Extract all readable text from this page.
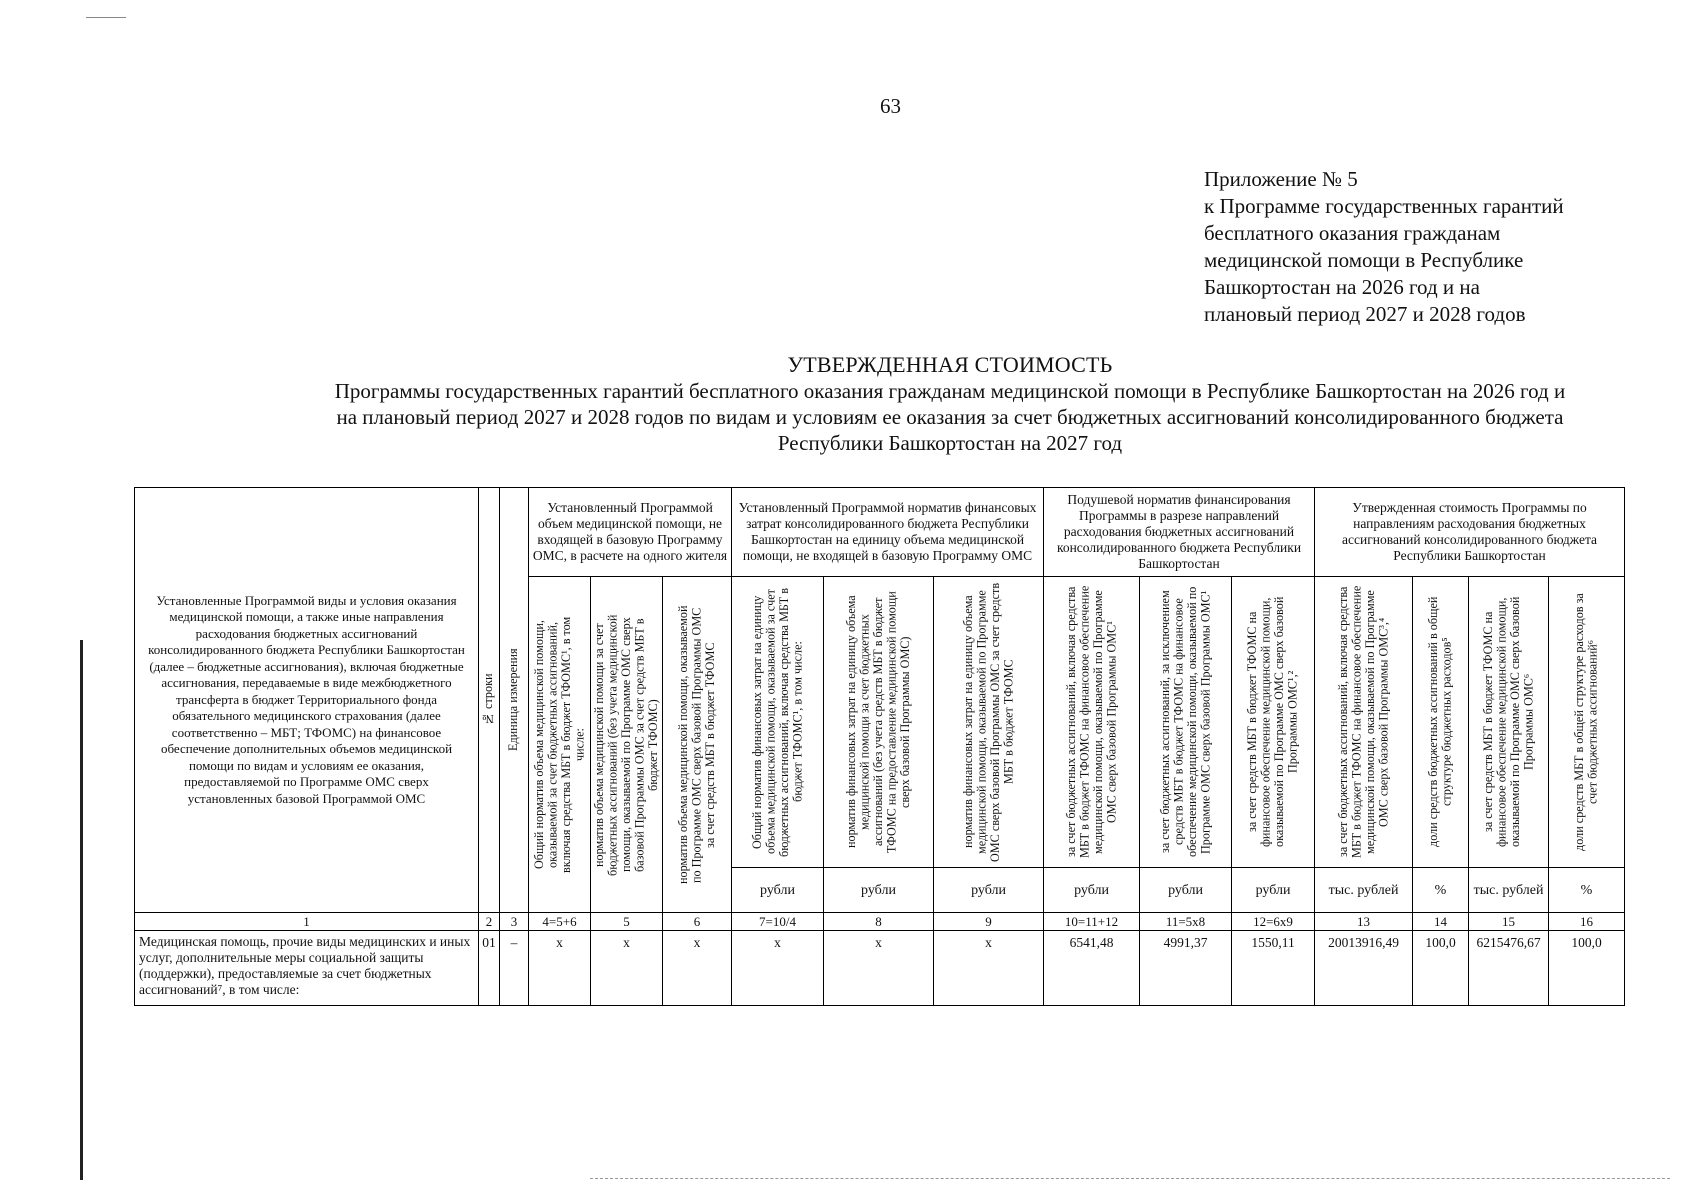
63
Приложение № 5
к Программе государственных гарантий
бесплатного оказания гражданам
медицинской помощи в Республике
Башкортостан на 2026 год и на
плановый период 2027 и 2028 годов
УТВЕРЖДЕННАЯ СТОИМОСТЬ
Программы государственных гарантий бесплатного оказания гражданам медицинской помощи в Республике Башкортостан на 2026 год и
на плановый период 2027 и 2028 годов по видам и условиям ее оказания за счет бюджетных ассигнований консолидированного бюджета
Республики Башкортостан на 2027 год
Установленные Программой виды и условия оказания медицинской помощи, а также иные направления расходования бюджетных ассигнований консолидированного бюджета Республики Башкортостан (далее – бюджетные ассигнования), включая бюджетные ассигнования, передаваемые в виде межбюджетного трансферта в бюджет Территориального фонда обязательного медицинского страхования (далее соответственно – МБТ; ТФОМС) на финансовое обеспечение дополнительных объемов медицинской помощи по видам и условиям ее оказания, предоставляемой по Программе ОМС сверх установленных базовой Программой ОМС	№ строки	Единица измерения	Установленный Программой объем медицинской помощи, не входящей в базовую Программу ОМС, в расчете на одного жителя			Установленный Программой норматив финансовых затрат консолидированного бюджета Республики Башкортостан на единицу объема медицинской помощи, не входящей в базовую Программу ОМС			Подушевой норматив финансирования Программы в разрезе направлений расходования бюджетных ассигнований консолидированного бюджета Республики Башкортостан			Утвержденная стоимость Программы по направлениям расходования бюджетных ассигнований консолидированного бюджета Республики Башкортостан			

			Общий норматив объема медицинской помощи, оказываемой за счет бюджетных ассигнований, включая средства МБТ в бюджет ТФОМС¹, в том числе:	норматив объема медицинской помощи за счет бюджетных ассигнований (без учета медицинской помощи, оказываемой по Программе ОМС сверх базовой Программы ОМС за счет средств МБТ в бюджет ТФОМС)	норматив объема медицинской помощи, оказываемой по Программе ОМС сверх базовой Программы ОМС за счет средств МБТ в бюджет ТФОМС	Общий норматив финансовых затрат на единицу объема медицинской помощи, оказываемой за счет бюджетных ассигнований, включая средства МБТ в бюджет ТФОМС¹, в том числе:	норматив финансовых затрат на единицу объема медицинской помощи за счет бюджетных ассигнований (без учета средств МБТ в бюджет ТФОМС на предоставление медицинской помощи сверх базовой Программы ОМС)	норматив финансовых затрат на единицу объема медицинской помощи, оказываемой по Программе ОМС сверх базовой Программы ОМС за счет средств МБТ в бюджет ТФОМС	за счет бюджетных ассигнований, включая средства МБТ в бюджет ТФОМС на финансовое обеспечение медицинской помощи, оказываемой по Программе ОМС сверх базовой Программы ОМС¹	за счет бюджетных ассигнований, за исключением средств МБТ в бюджет ТФОМС на финансовое обеспечение медицинской помощи, оказываемой по Программе ОМС сверх базовой Программы ОМС¹	за счет средств МБТ в бюджет ТФОМС на финансовое обеспечение медицинской помощи, оказываемой по Программе ОМС сверх базовой Программы ОМС¹,²	за счет бюджетных ассигнований, включая средства МБТ в бюджет ТФОМС на финансовое обеспечение медицинской помощи, оказываемой по Программе ОМС сверх базовой Программы ОМС³,⁴	доли средств бюджетных ассигнований в общей структуре бюджетных расходов⁵	за счет средств МБТ в бюджет ТФОМС на финансовое обеспечение медицинской помощи, оказываемой по Программе ОМС сверх базовой Программы ОМС⁶	доли средств МБТ в общей структуре расходов за счет бюджетных ассигнований⁶

						рубли	рубли	рубли	рубли	рубли	рубли	тыс. рублей	%	тыс. рублей	%
1	2	3	4=5+6	5	6	7=10/4	8	9	10=11+12	11=5x8	12=6x9	13	14	15	16
Медицинская помощь, прочие виды медицинских и иных услуг, дополнительные меры социальной защиты (поддержки), предоставляемые за счет бюджетных ассигнований⁷, в том числе:	01	–	x	x	x	x	x	x	6541,48	4991,37	1550,11	20013916,49	100,0	6215476,67	100,0
